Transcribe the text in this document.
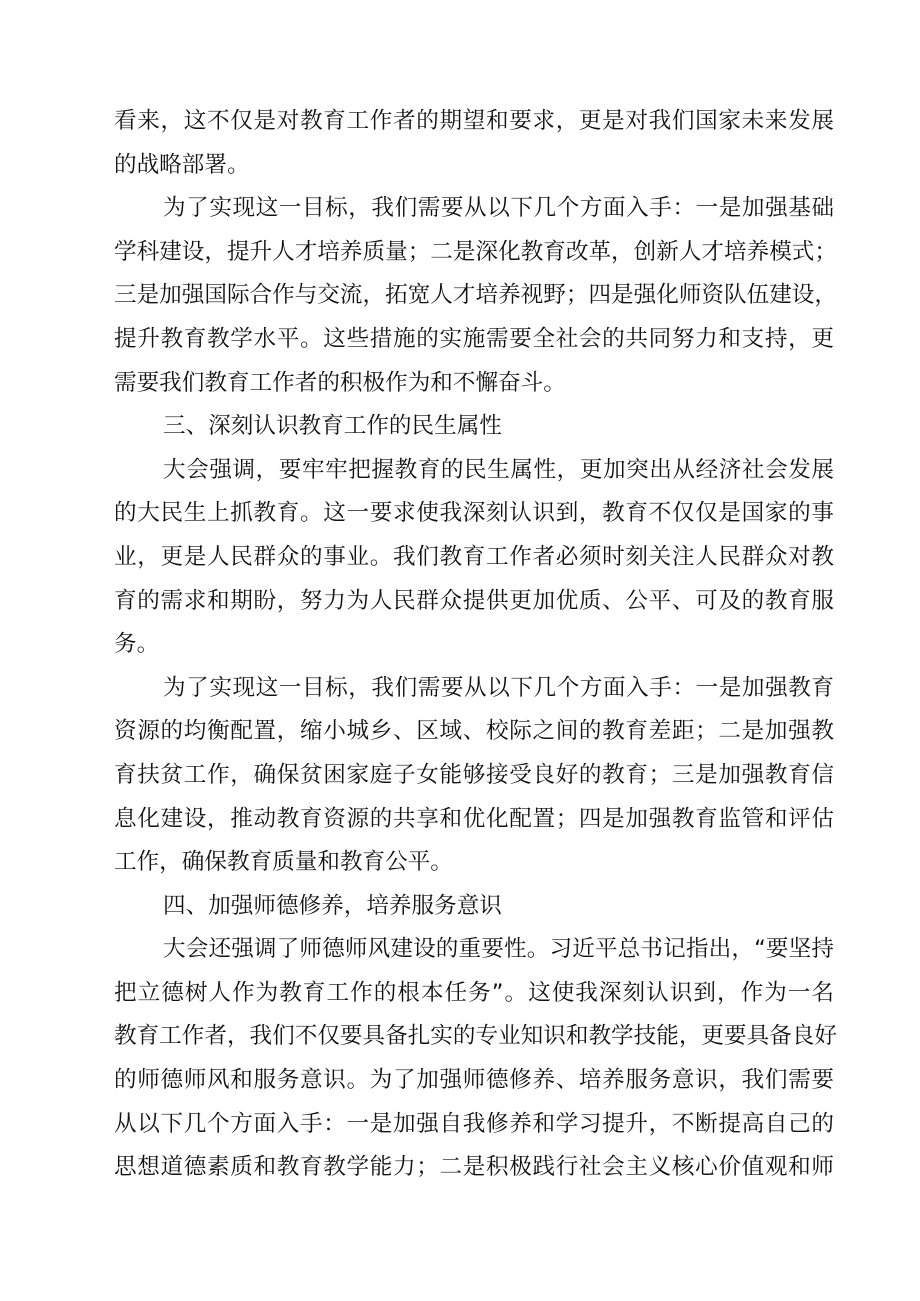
看来，这不仅是对教育工作者的期望和要求，更是对我们国家未来发展
的战略部署。
为了实现这一目标，我们需要从以下几个方面入手：一是加强基础
学科建设，提升人才培养质量；二是深化教育改革，创新人才培养模式；
三是加强国际合作与交流，拓宽人才培养视野；四是强化师资队伍建设，
提升教育教学水平。这些措施的实施需要全社会的共同努力和支持，更
需要我们教育工作者的积极作为和不懈奋斗。
三、深刻认识教育工作的民生属性
大会强调，要牢牢把握教育的民生属性，更加突出从经济社会发展
的大民生上抓教育。这一要求使我深刻认识到，教育不仅仅是国家的事
业，更是人民群众的事业。我们教育工作者必须时刻关注人民群众对教
育的需求和期盼，努力为人民群众提供更加优质、公平、可及的教育服
务。
为了实现这一目标，我们需要从以下几个方面入手：一是加强教育
资源的均衡配置，缩小城乡、区域、校际之间的教育差距；二是加强教
育扶贫工作，确保贫困家庭子女能够接受良好的教育；三是加强教育信
息化建设，推动教育资源的共享和优化配置；四是加强教育监管和评估
工作，确保教育质量和教育公平。
四、加强师德修养，培养服务意识
大会还强调了师德师风建设的重要性。习近平总书记指出，“要坚持
把立德树人作为教育工作的根本任务”。这使我深刻认识到，作为一名
教育工作者，我们不仅要具备扎实的专业知识和教学技能，更要具备良好
的师德师风和服务意识。为了加强师德修养、培养服务意识，我们需要
从以下几个方面入手：一是加强自我修养和学习提升，不断提高自己的
思想道德素质和教育教学能力；二是积极践行社会主义核心价值观和师
